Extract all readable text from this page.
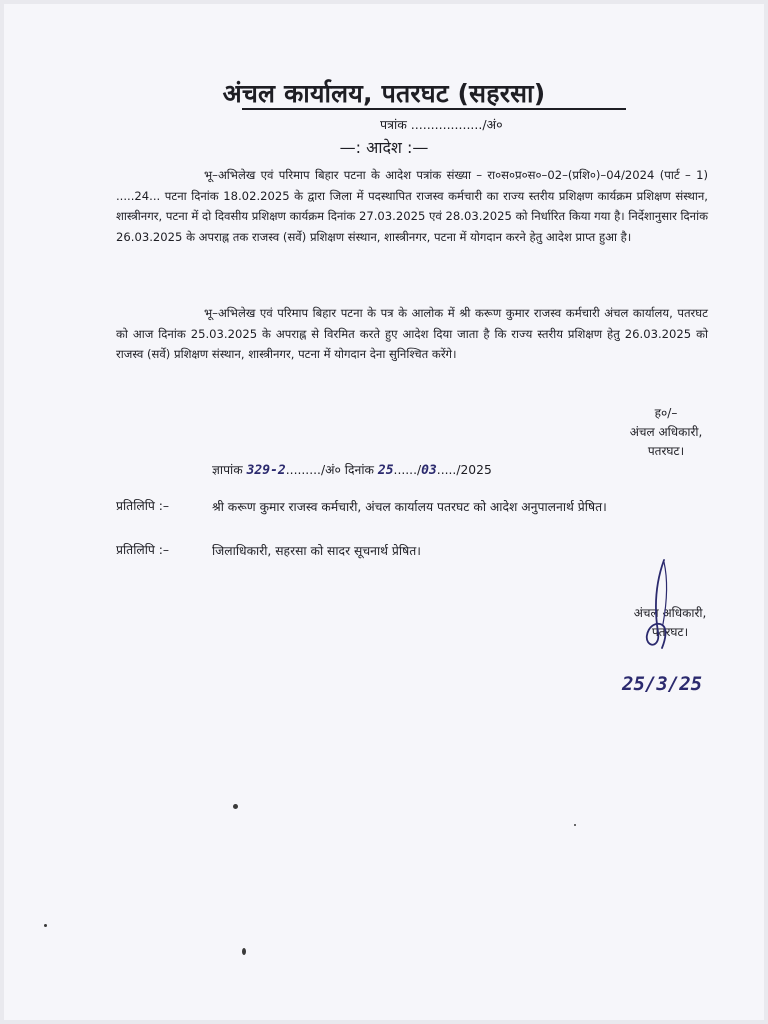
अंचल कार्यालय, पतरघट (सहरसा)
पत्रांक ................../अं०
—: आदेश :—

भू–अभिलेख एवं परिमाप बिहार पटना के आदेश पत्रांक संख्या – रा०स०प्र०स०–02–(प्रशि०)–04/2024 (पार्ट – 1) .....24... पटना दिनांक 18.02.2025 के द्वारा जिला में पदस्थापित राजस्व कर्मचारी का राज्य स्तरीय प्रशिक्षण कार्यक्रम प्रशिक्षण संस्थान, शास्त्रीनगर, पटना में दो दिवसीय प्रशिक्षण कार्यक्रम दिनांक 27.03.2025 एवं 28.03.2025 को निर्धारित किया गया है। निर्देशानुसार दिनांक 26.03.2025 के अपराह्न तक राजस्व (सर्वे) प्रशिक्षण संस्थान, शास्त्रीनगर, पटना में योगदान करने हेतु आदेश प्राप्त हुआ है।

भू–अभिलेख एवं परिमाप बिहार पटना के पत्र के आलोक में श्री करूण कुमार राजस्व कर्मचारी अंचल कार्यालय, पतरघट को आज दिनांक 25.03.2025 के अपराह्न से विरमित करते हुए आदेश दिया जाता है कि राज्य स्तरीय प्रशिक्षण हेतु 26.03.2025 को राजस्व (सर्वे) प्रशिक्षण संस्थान, शास्त्रीनगर, पटना में योगदान देना सुनिश्चित करेंगे।

ह०/–
अंचल अधिकारी,
पतरघट।
ज्ञापांक 329-2........./अं० दिनांक 25....../03...../2025
प्रतिलिपि :–	श्री करूण कुमार राजस्व कर्मचारी, अंचल कार्यालय पतरघट को आदेश अनुपालनार्थ प्रेषित।

प्रतिलिपि :–	जिलाधिकारी, सहरसा को सादर सूचनार्थ प्रेषित।

अंचल अधिकारी,
पतरघट।
25/3/25
